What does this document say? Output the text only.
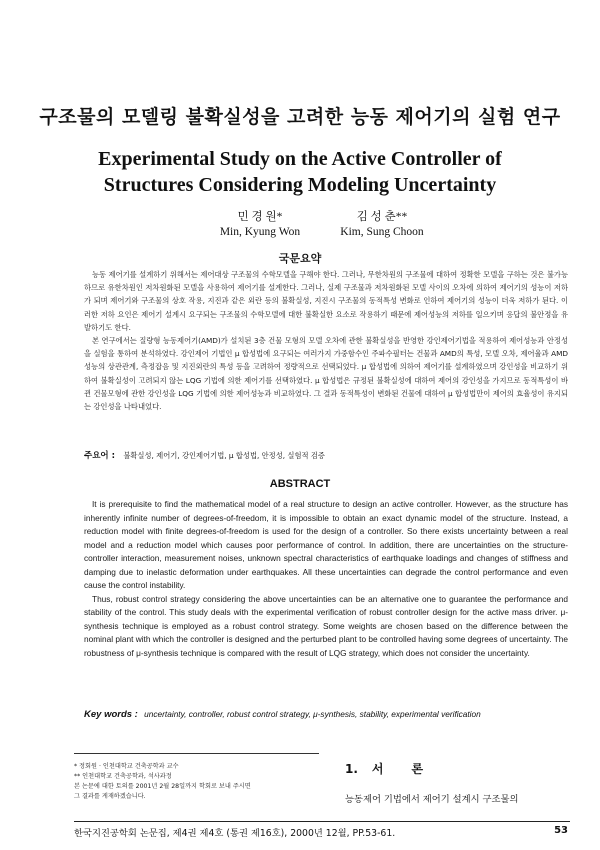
구조물의 모델링 불확실성을 고려한 능동 제어기의 실험 연구
Experimental Study on the Active Controller of
Structures Considering Modeling Uncertainty
민 경 원*
Min, Kyung Won
김 성 춘**
Kim, Sung Choon
국문요약

능동 제어기를 설계하기 위해서는 제어대상 구조물의 수학모델을 구해야 한다. 그러나, 무한차원의 구조물에 대하여 정확한 모델을 구하는 것은 불가능하므로 유한차원인 저차원화된 모델을 사용하여 제어기를 설계한다. 그러나, 실제 구조물과 저차원화된 모델 사이의 오차에 의하여 제어기의 성능이 저하가 되며 제어기와 구조물의 상호 작용, 지진과 같은 외란 등의 불확실성, 지진시 구조물의 동적특성 변화로 인하여 제어기의 성능이 더욱 저하가 된다. 이러한 저하 요인은 제어기 설계시 요구되는 구조물의 수학모델에 대한 불확실한 요소로 작용하기 때문에 제어성능의 저하를 일으키며 응답의 불안정을 유발하기도 한다.

본 연구에서는 질량형 능동제어기(AMD)가 설치된 3층 건물 모형의 모델 오차에 관한 불확실성을 반영한 강인제어기법을 적용하여 제어성능과 안정성을 실험을 통하여 분석하였다. 강인제어 기법인 μ 합성법에 요구되는 여러가지 가중함수인 주파수필터는 건물과 AMD의 특성, 모델 오차, 제어율과 AMD 성능의 상관관계, 측정잡음 및 지진외란의 특성 등을 고려하여 정량적으로 선택되었다. μ 합성법에 의하여 제어기를 설계하였으며 강인성을 비교하기 위하여 불확실성이 고려되지 않는 LQG 기법에 의한 제어기를 선택하였다. μ 합성법은 규정된 불확실성에 대하여 제어의 강인성을 가지므로 동적특성이 바뀐 건물모형에 관한 강인성을 LQG 기법에 의한 제어성능과 비교하였다. 그 결과 동적특성이 변화된 건물에 대하여 μ 합성법만이 제어의 효율성이 유지되는 강인성을 나타내었다.

주요어 : 불확실성, 제어기, 강인제어기법, μ 합성법, 안정성, 실험적 검증
ABSTRACT

It is prerequisite to find the mathematical model of a real structure to design an active controller. However, as the structure has inherently infinite number of degrees-of-freedom, it is impossible to obtain an exact dynamic model of the structure. Instead, a reduction model with finite degrees-of-freedom is used for the design of a controller. So there exists uncertainty between a real model and a reduction model which causes poor performance of control. In addition, there are uncertainties on the structure-controller interaction, measurement noises, unknown spectral characteristics of earthquake loadings and changes of stiffness and damping due to inelastic deformation under earthquakes. All these uncertainties can degrade the control performance and even cause the control instability.

Thus, robust control strategy considering the above uncertainties can be an alternative one to guarantee the performance and stability of the control. This study deals with the experimental verification of robust controller design for the active mass driver. μ-synthesis technique is employed as a robust control strategy. Some weights are chosen based on the difference between the nominal plant with which the controller is designed and the perturbed plant to be controlled having some degrees of uncertainty. The robustness of μ-synthesis technique is compared with the result of LQG strategy, which does not consider the uncertainty.

Key words : uncertainty, controller, robust control strategy, μ-synthesis, stability, experimental verification
* 정회원 · 인천대학교 건축공학과 교수
** 인천대학교 건축공학과, 석사과정
본 논문에 대한 토의를 2001년 2월 28일까지 학회로 보내 주시면
그 결과를 게재하겠습니다.
1. 서 론
능동제어 기법에서 제어기 설계시 구조물의
한국지진공학회 논문집, 제4권 제4호 (통권 제16호), 2000년 12월, PP.53-61.	53
